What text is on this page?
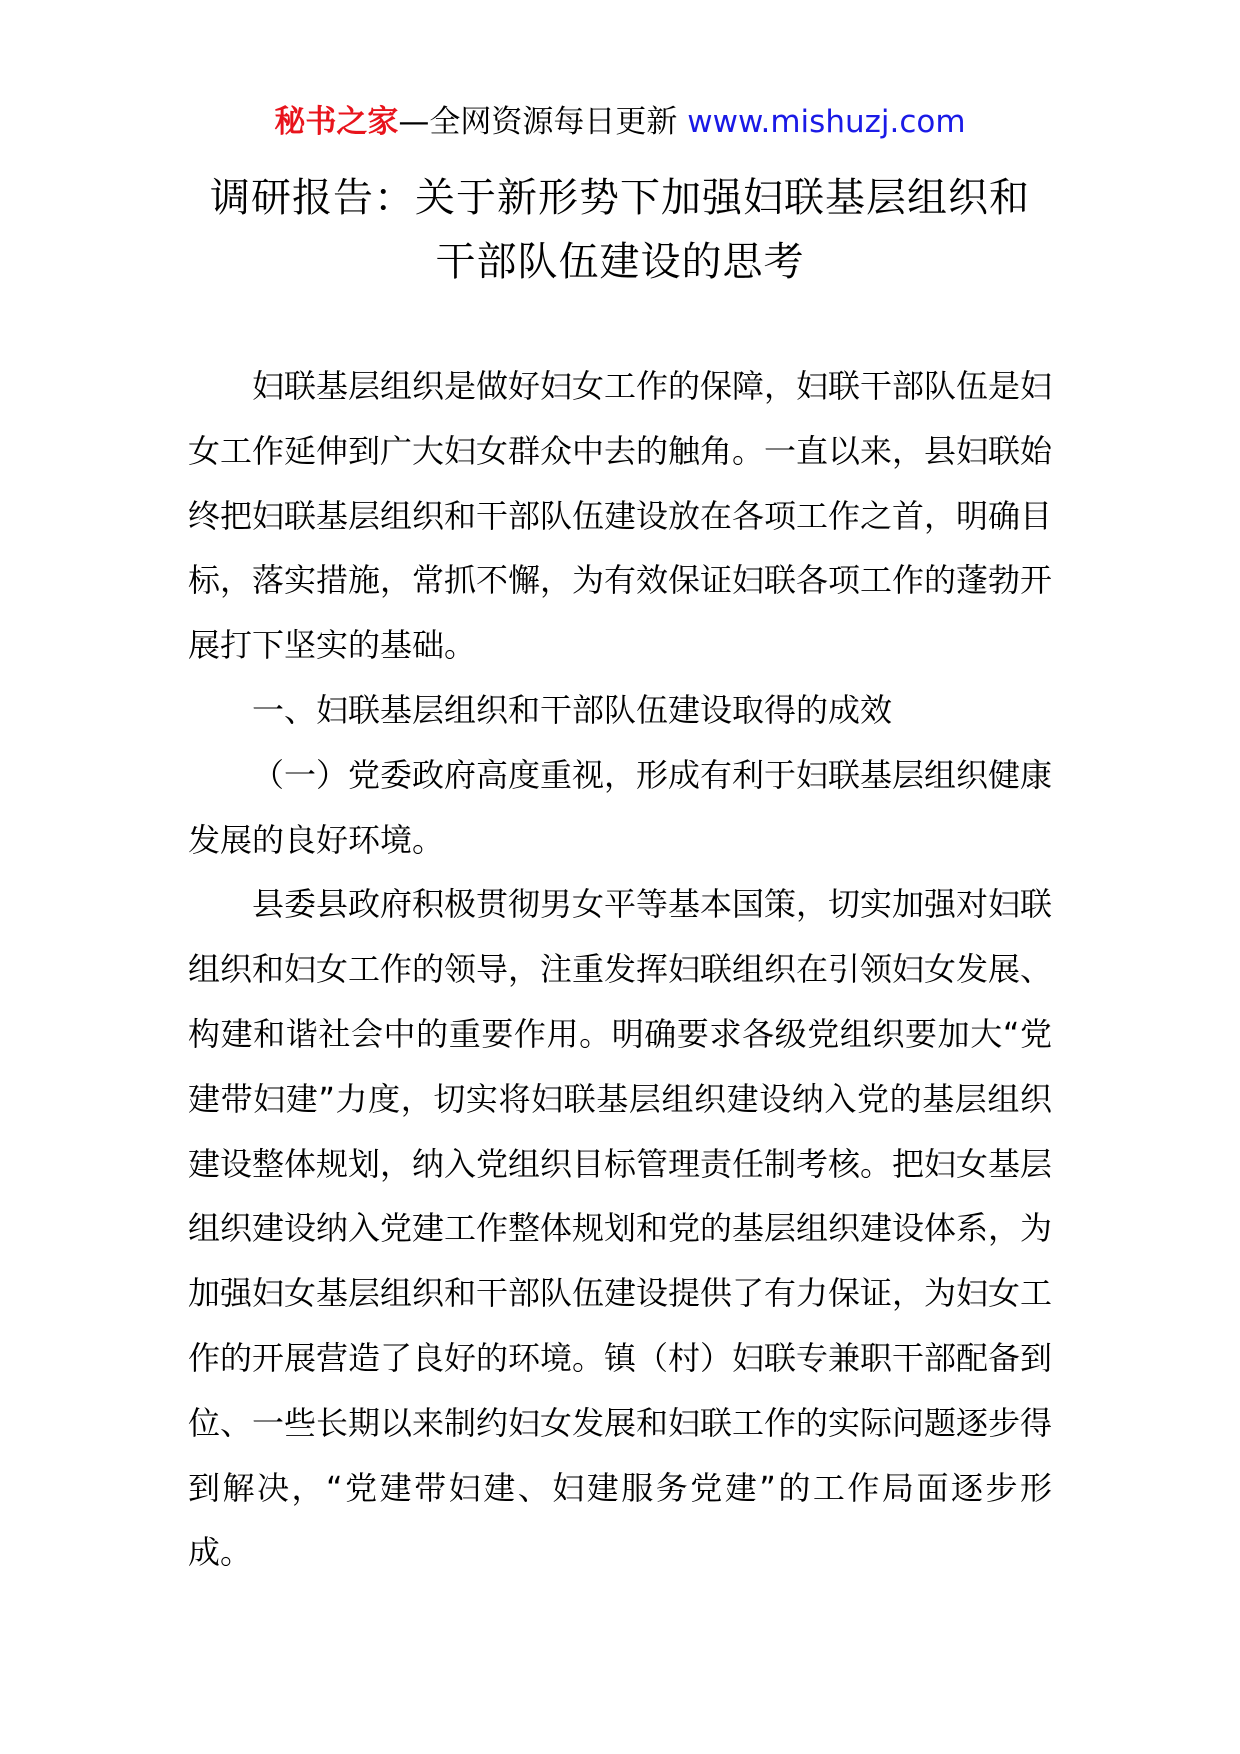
秘书之家—全网资源每日更新 www.mishuzj.com
调研报告：关于新形势下加强妇联基层组织和
干部队伍建设的思考

妇联基层组织是做好妇女工作的保障，妇联干部队伍是妇女工作延伸到广大妇女群众中去的触角。一直以来，县妇联始终把妇联基层组织和干部队伍建设放在各项工作之首，明确目标，落实措施，常抓不懈，为有效保证妇联各项工作的蓬勃开展打下坚实的基础。

一、妇联基层组织和干部队伍建设取得的成效

（一）党委政府高度重视，形成有利于妇联基层组织健康发展的良好环境。

县委县政府积极贯彻男女平等基本国策，切实加强对妇联组织和妇女工作的领导，注重发挥妇联组织在引领妇女发展、构建和谐社会中的重要作用。明确要求各级党组织要加大“党建带妇建”力度，切实将妇联基层组织建设纳入党的基层组织建设整体规划，纳入党组织目标管理责任制考核。把妇女基层组织建设纳入党建工作整体规划和党的基层组织建设体系，为加强妇女基层组织和干部队伍建设提供了有力保证，为妇女工作的开展营造了良好的环境。镇（村）妇联专兼职干部配备到位、一些长期以来制约妇女发展和妇联工作的实际问题逐步得到解决，“党建带妇建、妇建服务党建”的工作局面逐步形成。
